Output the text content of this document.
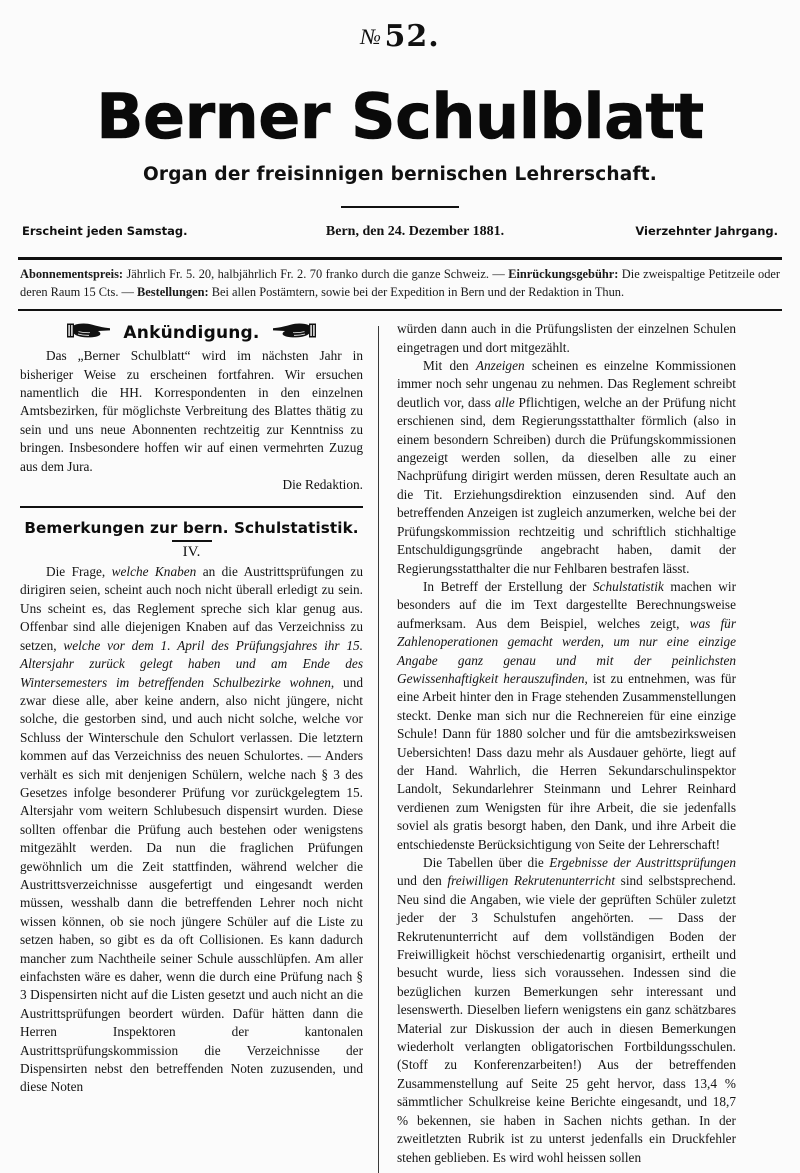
№ 52.
Berner Schulblatt
Organ der freisinnigen bernischen Lehrerschaft.
Erscheint jeden Samstag.	Bern, den 24. Dezember 1881.	Vierzehnter Jahrgang.
Abonnementspreis: Jährlich Fr. 5. 20, halbjährlich Fr. 2. 70 franko durch die ganze Schweiz. — Einrückungsgebühr: Die zweispaltige Petitzeile oder deren Raum 15 Cts. — Bestellungen: Bei allen Postämtern, sowie bei der Expedition in Bern und der Redaktion in Thun.
Ankündigung.

Das „Berner Schulblatt“ wird im nächsten Jahr in bisheriger Weise zu erscheinen fortfahren. Wir ersuchen namentlich die HH. Korrespondenten in den einzelnen Amtsbezirken, für möglichste Verbreitung des Blattes thätig zu sein und uns neue Abonnenten rechtzeitig zur Kenntniss zu bringen. Insbesondere hoffen wir auf einen vermehrten Zuzug aus dem Jura.

Die Redaktion.

Bemerkungen zur bern. Schulstatistik.
IV.

Die Frage, welche Knaben an die Austrittsprüfungen zu dirigiren seien, scheint auch noch nicht überall erledigt zu sein. Uns scheint es, das Reglement spreche sich klar genug aus. Offenbar sind alle diejenigen Knaben auf das Verzeichniss zu setzen, welche vor dem 1. April des Prüfungsjahres ihr 15. Altersjahr zurück gelegt haben und am Ende des Wintersemesters im betreffenden Schulbezirke wohnen, und zwar diese alle, aber keine andern, also nicht jüngere, nicht solche, die gestorben sind, und auch nicht solche, welche vor Schluss der Winterschule den Schulort verlassen. Die letztern kommen auf das Verzeichniss des neuen Schulortes. — Anders verhält es sich mit denjenigen Schülern, welche nach § 3 des Gesetzes infolge besonderer Prüfung vor zurückgelegtem 15. Altersjahr vom weitern Schlubesuch dispensirt wurden. Diese sollten offenbar die Prüfung auch bestehen oder wenigstens mitgezählt werden. Da nun die fraglichen Prüfungen gewöhnlich um die Zeit stattfinden, während welcher die Austrittsverzeichnisse ausgefertigt und eingesandt werden müssen, wesshalb dann die betreffenden Lehrer noch nicht wissen können, ob sie noch jüngere Schüler auf die Liste zu setzen haben, so gibt es da oft Collisionen. Es kann dadurch mancher zum Nachtheile seiner Schule ausschlüpfen. Am aller einfachsten wäre es daher, wenn die durch eine Prüfung nach § 3 Dispensirten nicht auf die Listen gesetzt und auch nicht an die Austrittsprüfungen beordert würden. Dafür hätten dann die Herren Inspektoren der kantonalen Austrittsprüfungskommission die Verzeichnisse der Dispensirten nebst den betreffenden Noten zuzusenden, und diese Noten

würden dann auch in die Prüfungslisten der einzelnen Schulen eingetragen und dort mitgezählt.

Mit den Anzeigen scheinen es einzelne Kommissionen immer noch sehr ungenau zu nehmen. Das Reglement schreibt deutlich vor, dass alle Pflichtigen, welche an der Prüfung nicht erschienen sind, dem Regierungsstatthalter förmlich (also in einem besondern Schreiben) durch die Prüfungskommissionen angezeigt werden sollen, da dieselben alle zu einer Nachprüfung dirigirt werden müssen, deren Resultate auch an die Tit. Erziehungsdirektion einzusenden sind. Auf den betreffenden Anzeigen ist zugleich anzumerken, welche bei der Prüfungskommission rechtzeitig und schriftlich stichhaltige Entschuldigungsgründe angebracht haben, damit der Regierungsstatthalter die nur Fehlbaren bestrafen lässt.

In Betreff der Erstellung der Schulstatistik machen wir besonders auf die im Text dargestellte Berechnungsweise aufmerksam. Aus dem Beispiel, welches zeigt, was für Zahlenoperationen gemacht werden, um nur eine einzige Angabe ganz genau und mit der peinlichsten Gewissenhaftigkeit herauszufinden, ist zu entnehmen, was für eine Arbeit hinter den in Frage stehenden Zusammenstellungen steckt. Denke man sich nur die Rechnereien für eine einzige Schule! Dann für 1880 solcher und für die amtsbezirksweisen Uebersichten! Dass dazu mehr als Ausdauer gehörte, liegt auf der Hand. Wahrlich, die Herren Sekundarschulinspektor Landolt, Sekundarlehrer Steinmann und Lehrer Reinhard verdienen zum Wenigsten für ihre Arbeit, die sie jedenfalls soviel als gratis besorgt haben, den Dank, und ihre Arbeit die entschiedenste Berücksichtigung von Seite der Lehrerschaft!

Die Tabellen über die Ergebnisse der Austrittsprüfungen und den freiwilligen Rekrutenunterricht sind selbstsprechend. Neu sind die Angaben, wie viele der geprüften Schüler zuletzt jeder der 3 Schulstufen angehörten. — Dass der Rekrutenunterricht auf dem vollständigen Boden der Freiwilligkeit höchst verschiedenartig organisirt, ertheilt und besucht wurde, liess sich voraussehen. Indessen sind die bezüglichen kurzen Bemerkungen sehr interessant und lesenswerth. Dieselben liefern wenigstens ein ganz schätzbares Material zur Diskussion der auch in diesen Bemerkungen wiederholt verlangten obligatorischen Fortbildungsschulen. (Stoff zu Konferenzarbeiten!) Aus der betreffenden Zusammenstellung auf Seite 25 geht hervor, dass 13,4 % sämmtlicher Schulkreise keine Berichte eingesandt, und 18,7 % bekennen, sie haben in Sachen nichts gethan. In der zweitletzten Rubrik ist zu unterst jedenfalls ein Druckfehler stehen geblieben. Es wird wohl heissen sollen
